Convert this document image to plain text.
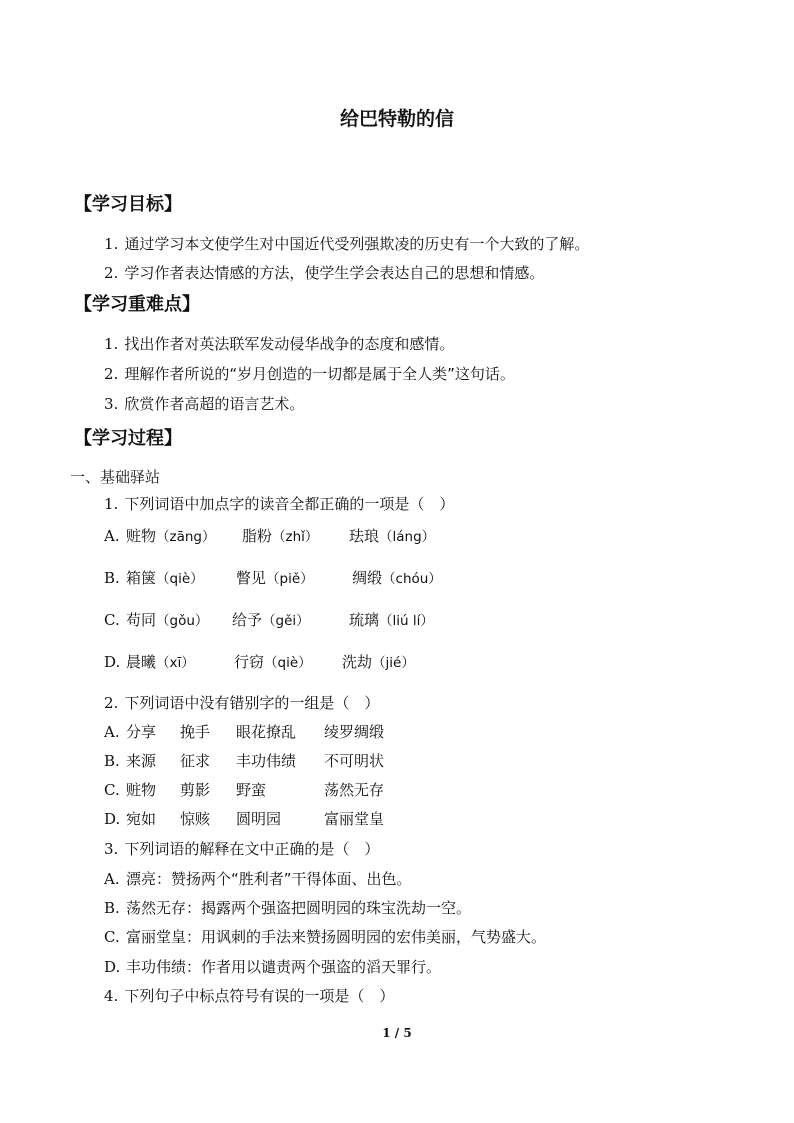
给巴特勒的信
【学习目标】
1. 通过学习本文使学生对中国近代受列强欺凌的历史有一个大致的了解。
2. 学习作者表达情感的方法，使学生学会表达自己的思想和情感。
【学习重难点】
1. 找出作者对英法联军发动侵华战争的态度和感情。
2. 理解作者所说的“岁月创造的一切都是属于全人类”这句话。
3. 欣赏作者高超的语言艺术。
【学习过程】
一、基础驿站
1. 下列词语中加点字的读音全都正确的一项是（　）
A. 赃物（zāng） 脂粉（zhǐ） 珐琅（láng）
B. 箱箧（qiè） 瞥见（piě）	绸缎（chóu）
C. 苟同（gǒu） 给予（gěi）	琉璃（liú lí）
D. 晨曦（xī）	行窃（qiè） 洗劫（jié）
2. 下列词语中没有错别字的一组是（　）
A. 分享 挽手 眼花撩乱 绫罗绸缎
B. 来源 征求 丰功伟绩 不可明状
C. 赃物 剪影 野蛮	荡然无存
D. 宛如 惊赅 圆明园	富丽堂皇
3. 下列词语的解释在文中正确的是（　）
A. 漂亮：赞扬两个“胜利者”干得体面、出色。
B. 荡然无存：揭露两个强盗把圆明园的珠宝洗劫一空。
C. 富丽堂皇：用讽刺的手法来赞扬圆明园的宏伟美丽，气势盛大。
D. 丰功伟绩：作者用以谴责两个强盗的滔天罪行。
4. 下列句子中标点符号有误的一项是（　）
1 / 5
